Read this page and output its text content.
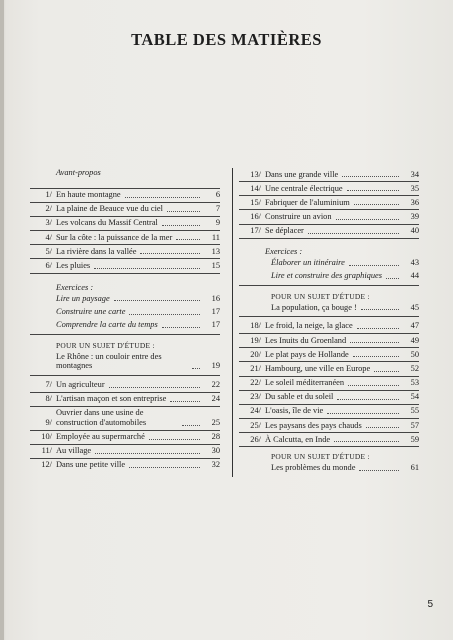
TABLE DES MATIÈRES
Avant-propos
1/ En haute montagne	6
2/ La plaine de Beauce vue du ciel	7
3/ Les volcans du Massif Central	9
4/ Sur la côte : la puissance de la mer	11
5/ La rivière dans la vallée	13
6/ Les pluies	15
Exercices :
Lire un paysage	16
Construire une carte	17
Comprendre la carte du temps	17
POUR UN SUJET D'ÉTUDE :
Le Rhône : un couloir entre des montagnes	19
7/ Un agriculteur	22
8/ L'artisan maçon et son entreprise	24
9/
Ouvrier dans une usine de construction d'automobiles	25
10/ Employée au supermarché	28
11/ Au village	30
12/ Dans une petite ville	32
13/ Dans une grande ville	34
14/ Une centrale électrique	35
15/ Fabriquer de l'aluminium	36
16/ Construire un avion	39
17/ Se déplacer	40
Exercices :
Élaborer un itinéraire	43
Lire et construire des graphiques	44
POUR UN SUJET D'ÉTUDE :
La population, ça bouge !	45
18/ Le froid, la neige, la glace	47
19/ Les Inuits du Groenland	49
20/ Le plat pays de Hollande	50
21/ Hambourg, une ville en Europe	52
22/ Le soleil méditerranéen	53
23/ Du sable et du soleil	54
24/ L'oasis, île de vie	55
25/ Les paysans des pays chauds	57
26/ À Calcutta, en Inde	59
POUR UN SUJET D'ÉTUDE :
Les problèmes du monde	61
5
